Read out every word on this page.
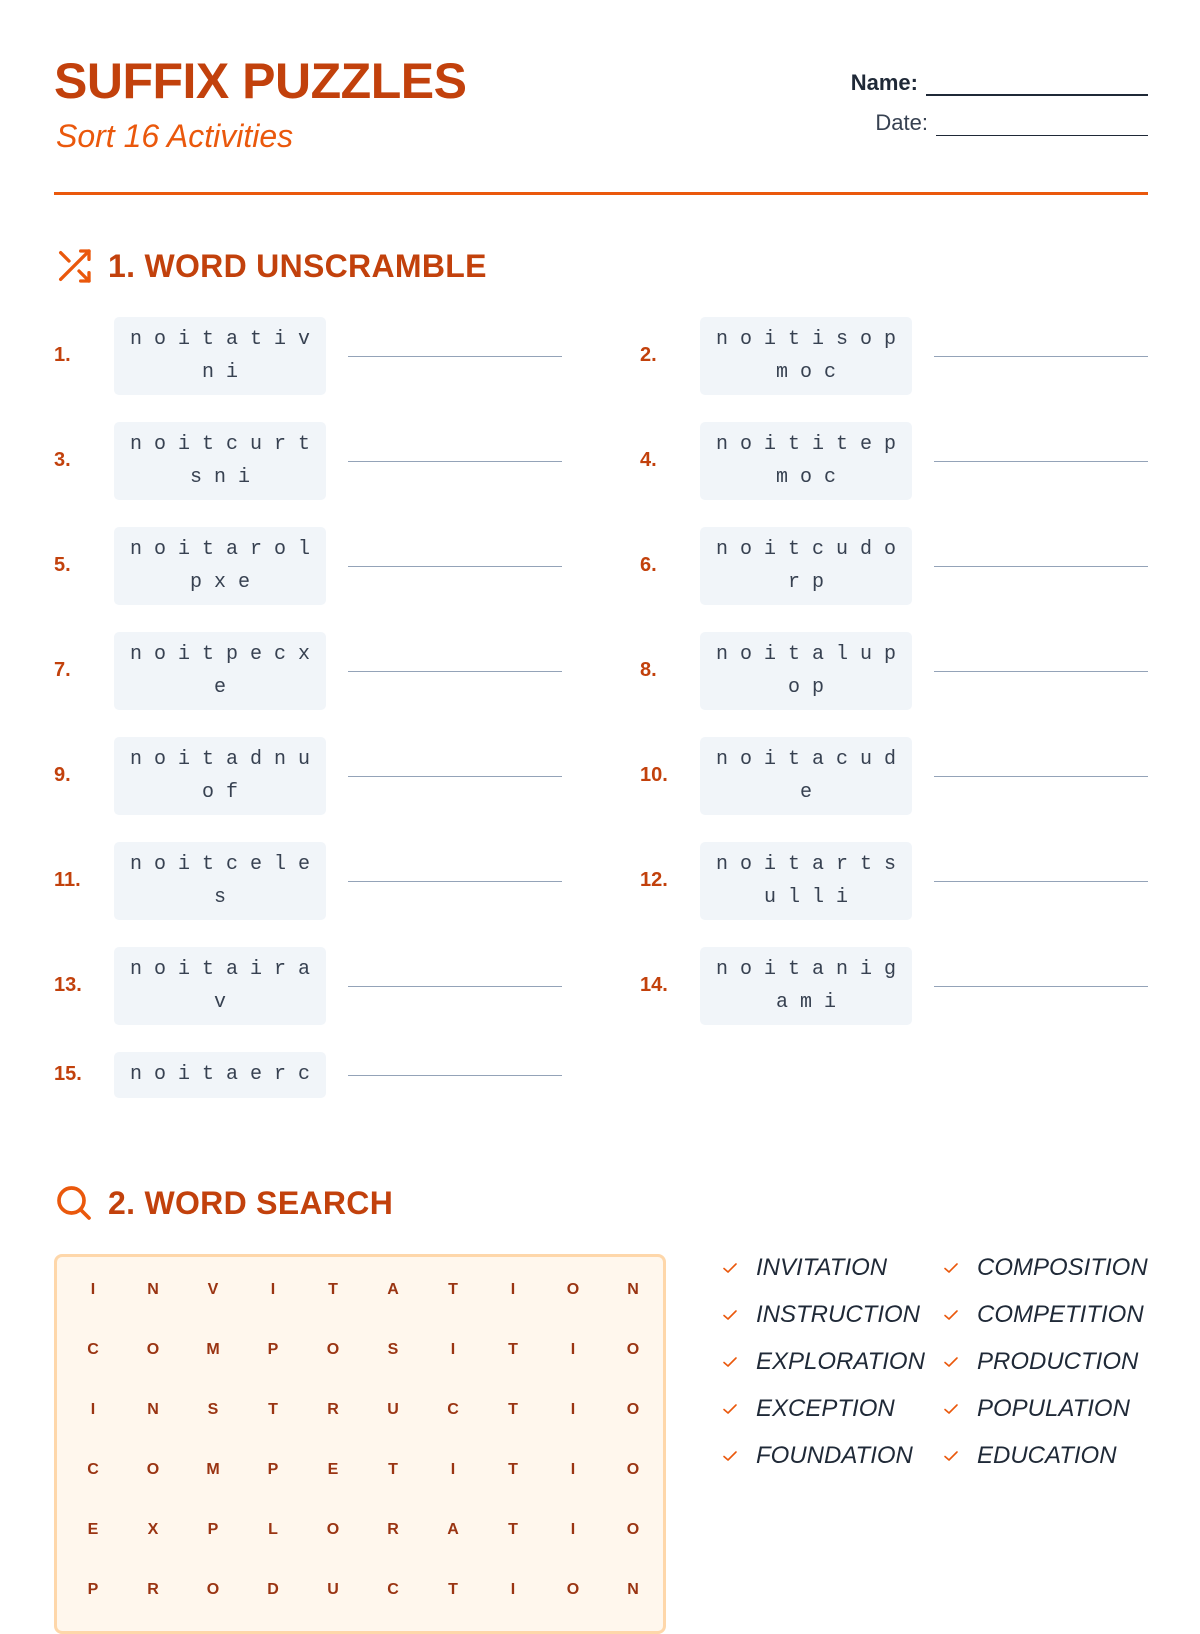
SUFFIX PUZZLES
Sort 16 Activities
Name:
Date:
1. WORD UNSCRAMBLE
1.
n o i t a t i v n i
2.
n o i t i s o p m o c
3.
n o i t c u r t s n i
4.
n o i t i t e p m o c
5.
n o i t a r o l p x e
6.
n o i t c u d o r p
7.
n o i t p e c x e
8.
n o i t a l u p o p
9.
n o i t a d n u o f
10.
n o i t a c u d e
11.
n o i t c e l e s
12.
n o i t a r t s u l l i
13.
n o i t a i r a v
14.
n o i t a n i g a m i
15.	n o i t a e r c
2. WORD SEARCH
I	N	V	I	T	A	T	I	O	N
C	O	M	P	O	S	I	T	I	O
I	N	S	T	R	U	C	T	I	O
C	O	M	P	E	T	I	T	I	O
E	X	P	L	O	R	A	T	I	O
P	R	O	D	U	C	T	I	O	N
INVITATION	COMPOSITION
INSTRUCTION COMPETITION
EXPLORATION PRODUCTION
EXCEPTION	POPULATION
FOUNDATION	EDUCATION
